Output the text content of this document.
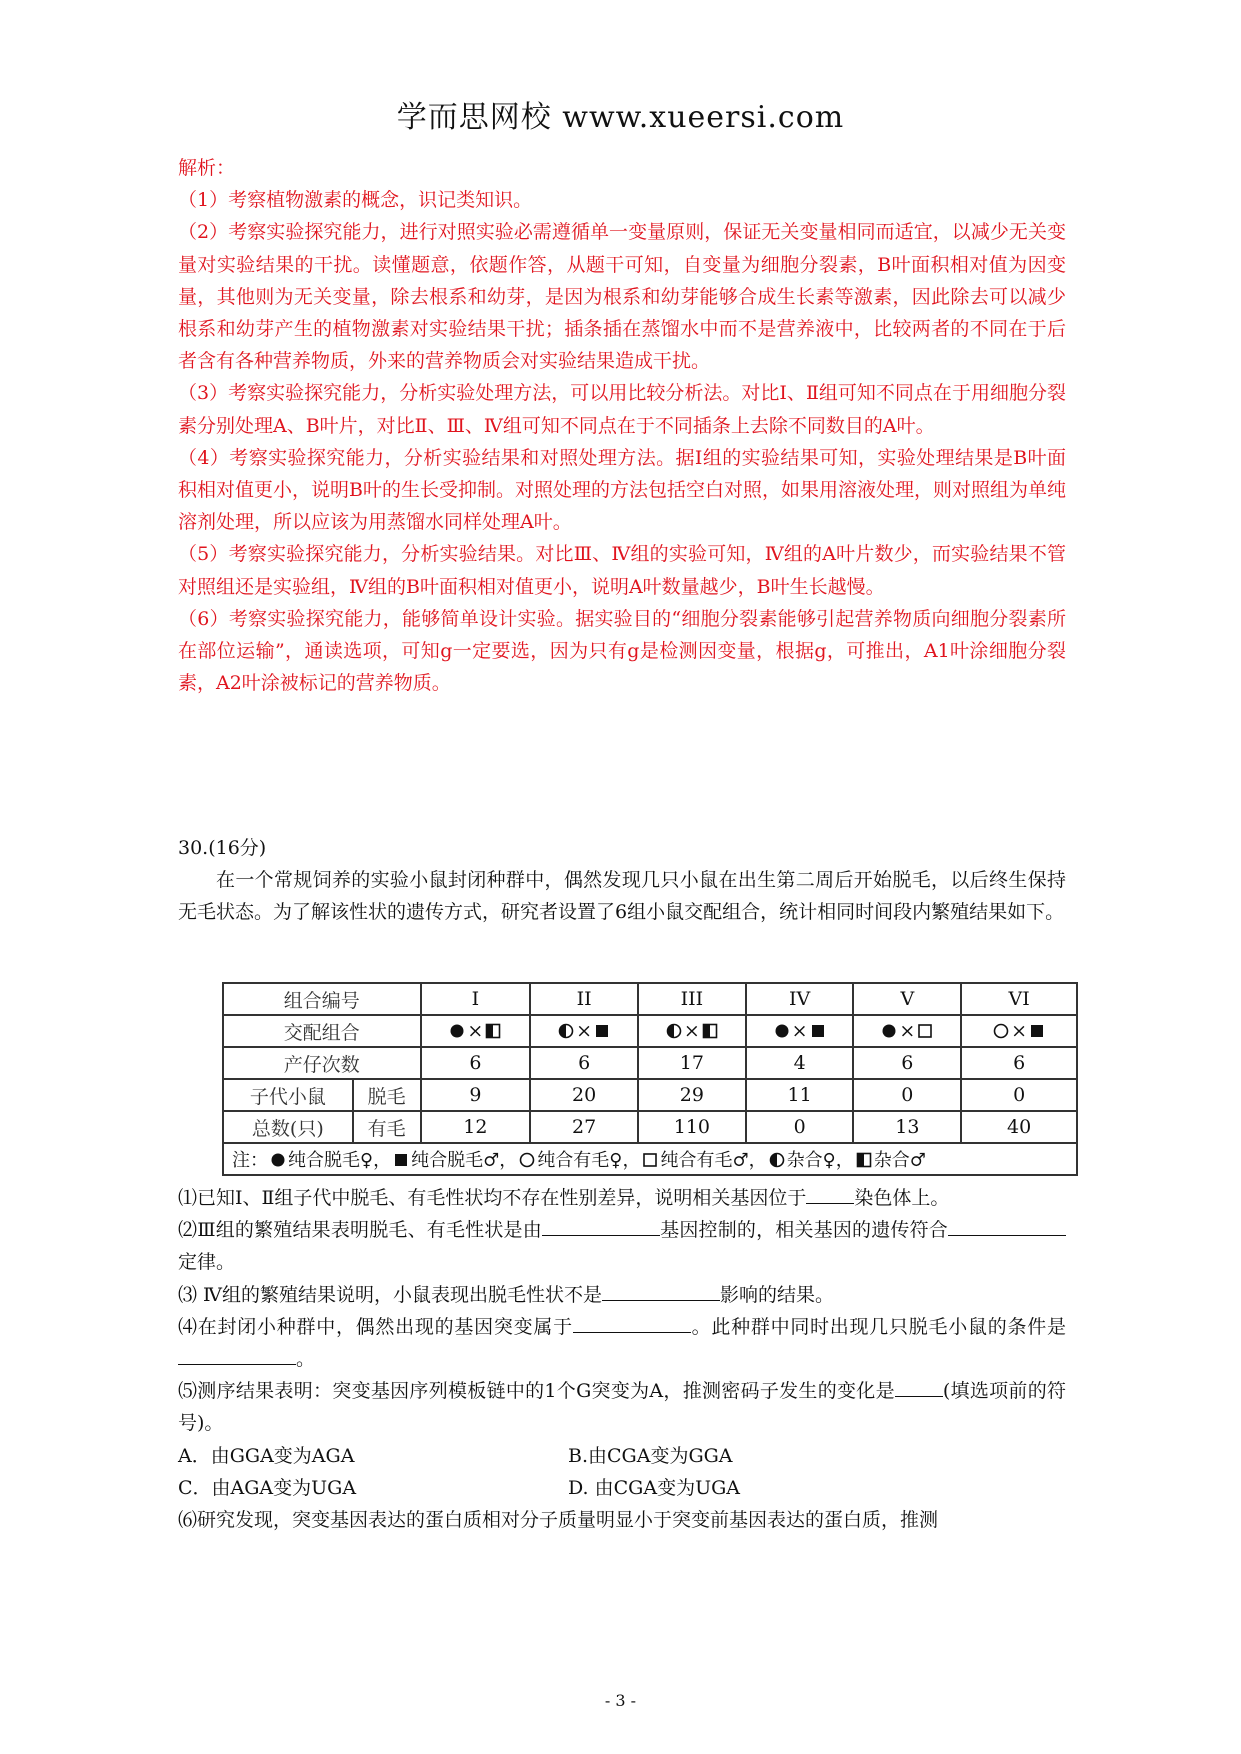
学而思网校 www.xueersi.com

解析：

（1）考察植物激素的概念，识记类知识。

（2）考察实验探究能力，进行对照实验必需遵循单一变量原则，保证无关变量相同而适宜，以减少无关变量对实验结果的干扰。读懂题意，依题作答，从题干可知，自变量为细胞分裂素，B叶面积相对值为因变量，其他则为无关变量，除去根系和幼芽，是因为根系和幼芽能够合成生长素等激素，因此除去可以减少根系和幼芽产生的植物激素对实验结果干扰；插条插在蒸馏水中而不是营养液中，比较两者的不同在于后者含有各种营养物质，外来的营养物质会对实验结果造成干扰。

（3）考察实验探究能力，分析实验处理方法，可以用比较分析法。对比Ⅰ、Ⅱ组可知不同点在于用细胞分裂素分别处理A、B叶片，对比Ⅱ、Ⅲ、Ⅳ组可知不同点在于不同插条上去除不同数目的A叶。

（4）考察实验探究能力，分析实验结果和对照处理方法。据Ⅰ组的实验结果可知，实验处理结果是B叶面积相对值更小，说明B叶的生长受抑制。对照处理的方法包括空白对照，如果用溶液处理，则对照组为单纯溶剂处理，所以应该为用蒸馏水同样处理A叶。

（5）考察实验探究能力，分析实验结果。对比Ⅲ、Ⅳ组的实验可知，Ⅳ组的A叶片数少，而实验结果不管对照组还是实验组，Ⅳ组的B叶面积相对值更小，说明A叶数量越少，B叶生长越慢。

（6）考察实验探究能力，能够简单设计实验。据实验目的“细胞分裂素能够引起营养物质向细胞分裂素所在部位运输”，通读选项，可知g一定要选，因为只有g是检测因变量，根据g，可推出，A1叶涂细胞分裂素，A2叶涂被标记的营养物质。

30.(16分)

在一个常规饲养的实验小鼠封闭种群中，偶然发现几只小鼠在出生第二周后开始脱毛，以后终生保持无毛状态。为了解该性状的遗传方式，研究者设置了6组小鼠交配组合，统计相同时间段内繁殖结果如下。

组合编号		I	II	III	IV	V	VI
交配组合		×	×	×	×	×	×
产仔次数		6	6	17	4	6	6
子代小鼠	脱毛	9	20	29	11	0	0
总数(只)	有毛	12	27	110	0	13	40
注： 纯合脱毛♀， 纯合脱毛♂， 纯合有毛♀， 纯合有毛♂， 杂合♀， 杂合♂							

⑴已知Ⅰ、Ⅱ组子代中脱毛、有毛性状均不存在性别差异，说明相关基因位于	染色体上。

⑵Ⅲ组的繁殖结果表明脱毛、有毛性状是由	基因控制的，相关基因的遗传符合定律。

⑶ Ⅳ组的繁殖结果说明，小鼠表现出脱毛性状不是	影响的结果。

⑷在封闭小种群中，偶然出现的基因突变属于	。此种群中同时出现几只脱毛小鼠的条件是。

⑸测序结果表明：突变基因序列模板链中的1个G突变为A，推测密码子发生的变化是	(填选项前的符号)。

A．由GGA变为AGA	B.由CGA变为GGA
C．由AGA变为UGA	D. 由CGA变为UGA

⑹研究发现，突变基因表达的蛋白质相对分子质量明显小于突变前基因表达的蛋白质，推测

- 3 -
